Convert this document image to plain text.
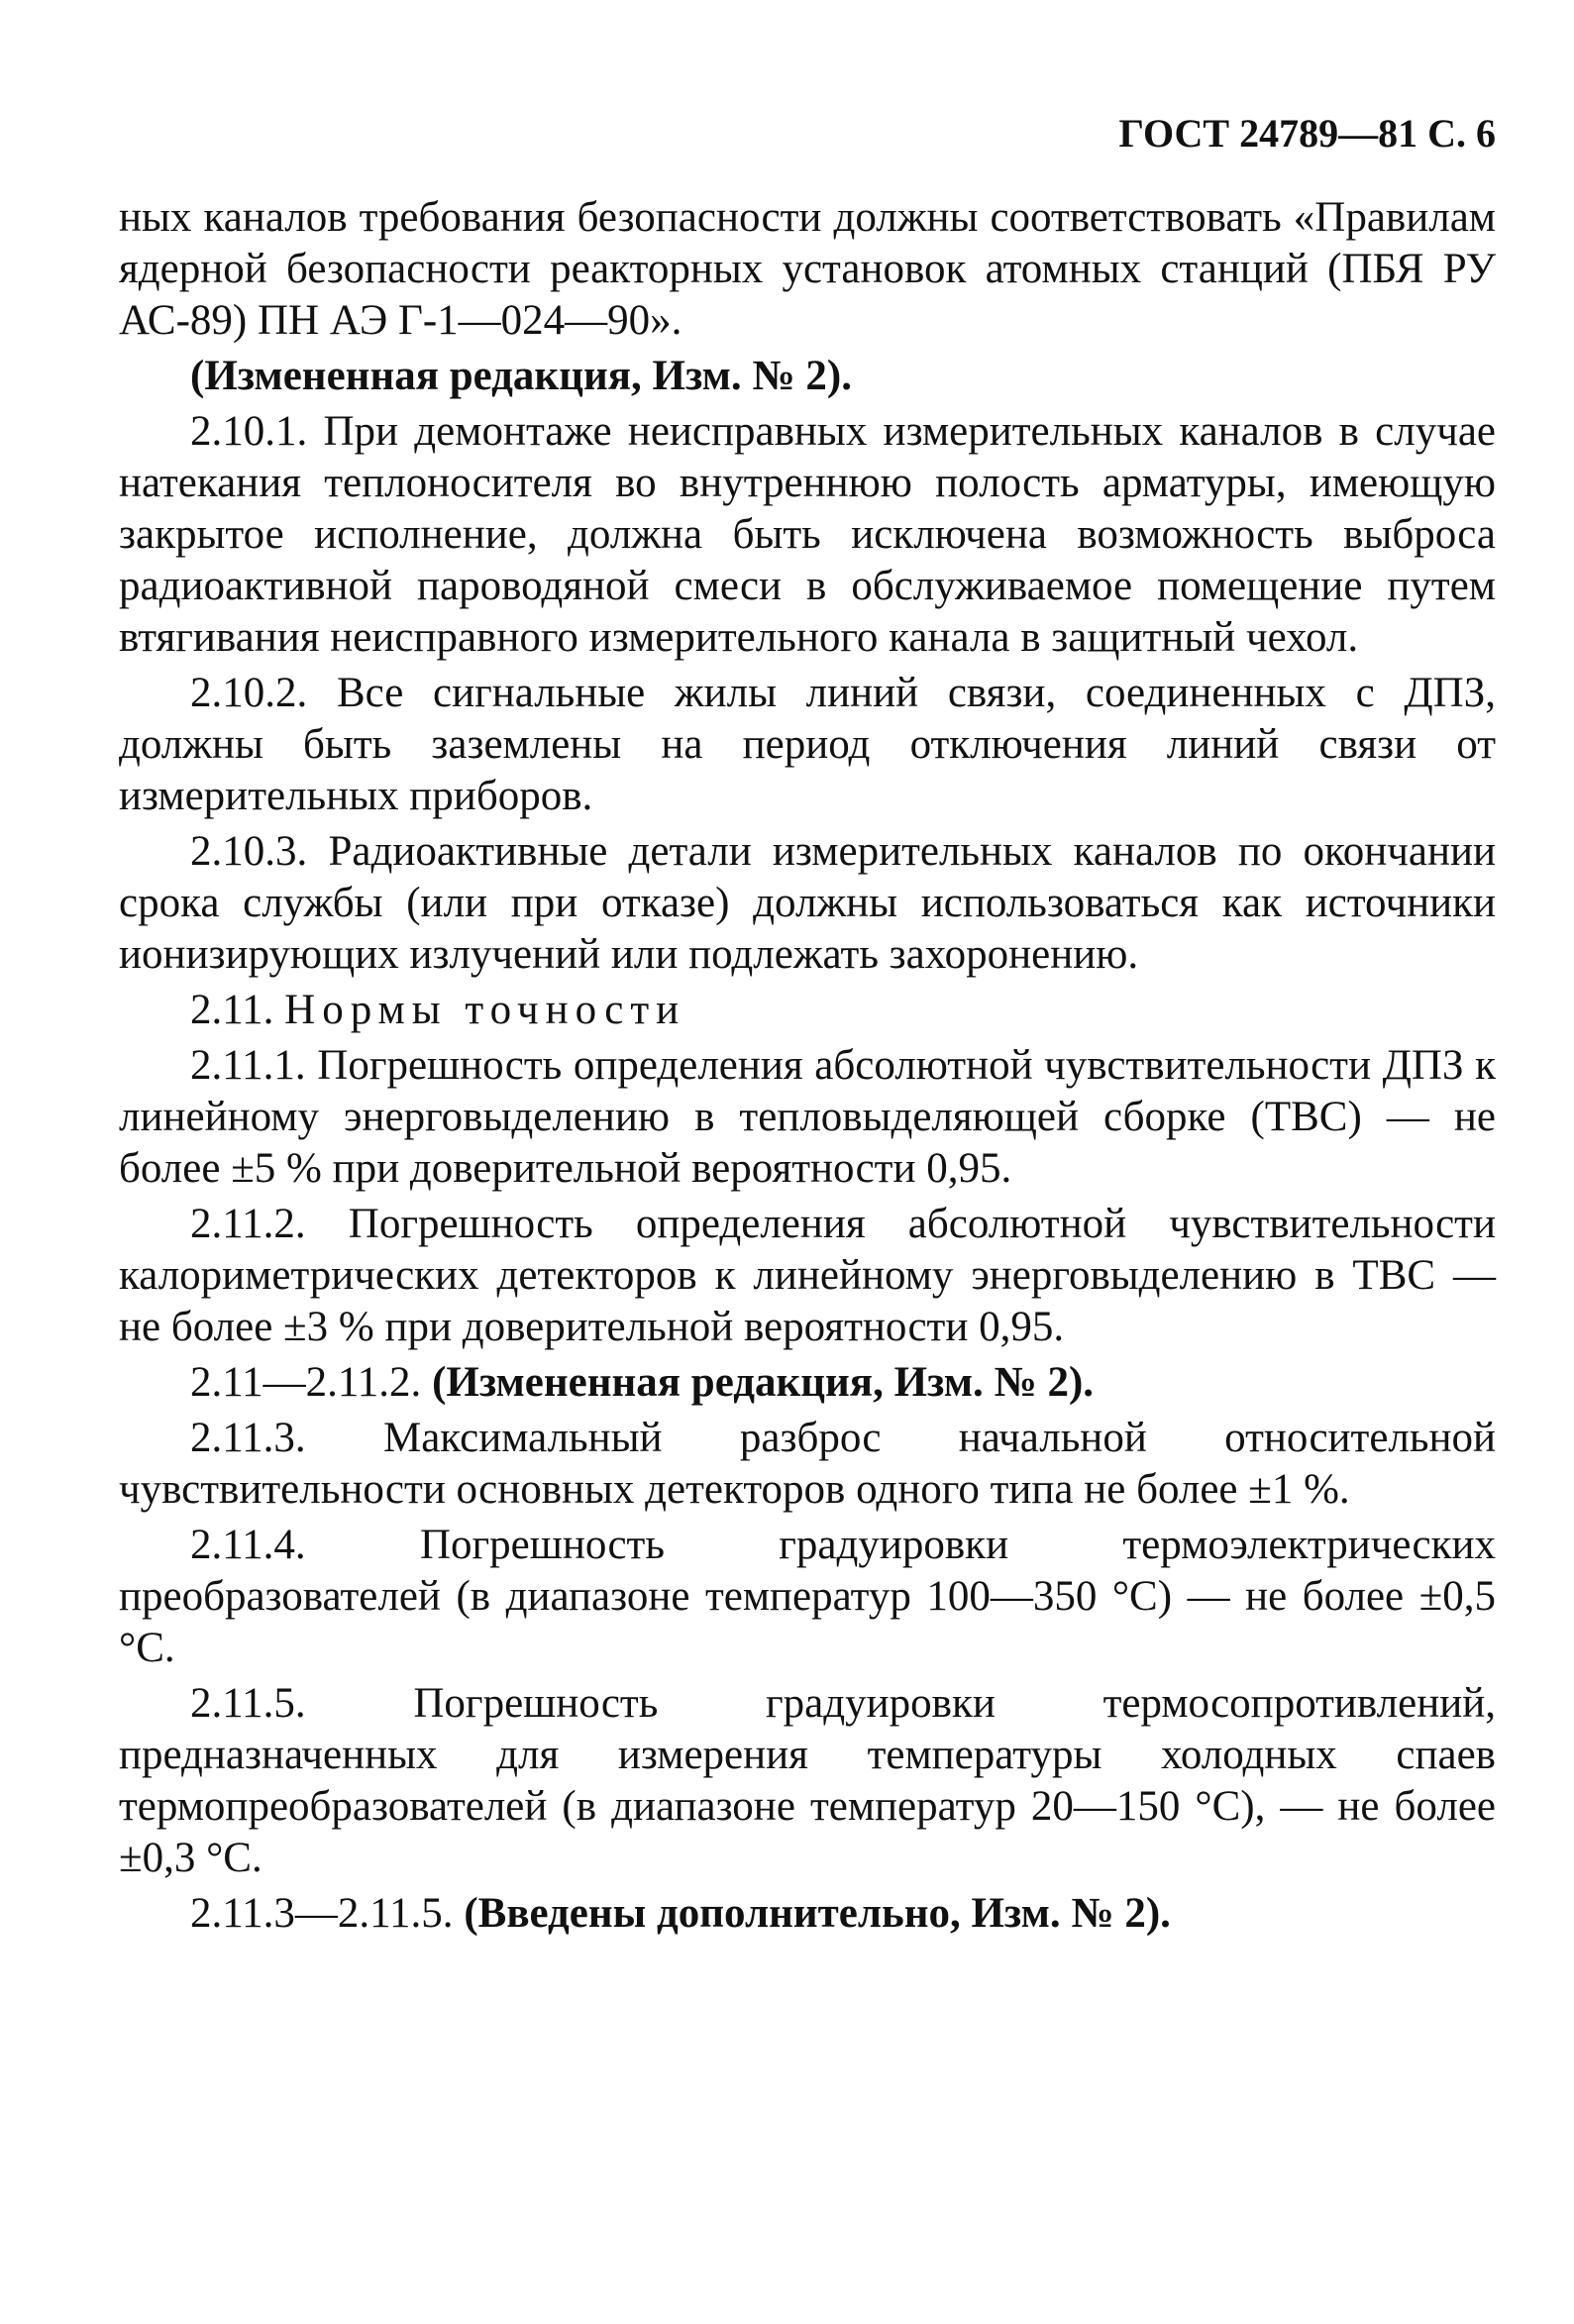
ГОСТ 24789—81 С. 6

ных каналов требования безопасности должны соответствовать «Правилам ядерной безопасности реакторных установок атомных станций (ПБЯ РУ АС-89) ПН АЭ Г-1—024—90».

(Измененная редакция, Изм. № 2).

2.10.1. При демонтаже неисправных измерительных каналов в случае натекания теплоносителя во внутреннюю полость арматуры, имеющую закрытое исполнение, должна быть исключена возможность выброса радиоактивной пароводяной смеси в обслуживаемое помещение путем втягивания неисправного измерительного канала в защитный чехол.

2.10.2. Все сигнальные жилы линий связи, соединенных с ДПЗ, должны быть заземлены на период отключения линий связи от измерительных приборов.

2.10.3. Радиоактивные детали измерительных каналов по окончании срока службы (или при отказе) должны использоваться как источники ионизирующих излучений или подлежать захоронению.

2.11. Нормы точности

2.11.1. Погрешность определения абсолютной чувствительности ДПЗ к линейному энерговыделению в тепловыделяющей сборке (ТВС) — не более ±5 % при доверительной вероятности 0,95.

2.11.2. Погрешность определения абсолютной чувствительности калориметрических детекторов к линейному энерговыделению в ТВС — не более ±3 % при доверительной вероятности 0,95.

2.11—2.11.2. (Измененная редакция, Изм. № 2).

2.11.3. Максимальный разброс начальной относительной чувствительности основных детекторов одного типа не более ±1 %.

2.11.4.	Погрешность градуировки термоэлектрических преобразователей (в диапазоне температур 100—350 °С) — не более ±0,5 °С.

2.11.5.	Погрешность градуировки термосопротивлений, предназначенных для измерения температуры холодных спаев термопреобразователей (в диапазоне температур 20—150 °С), — не более ±0,3 °С.

2.11.3—2.11.5. (Введены дополнительно, Изм. № 2).
